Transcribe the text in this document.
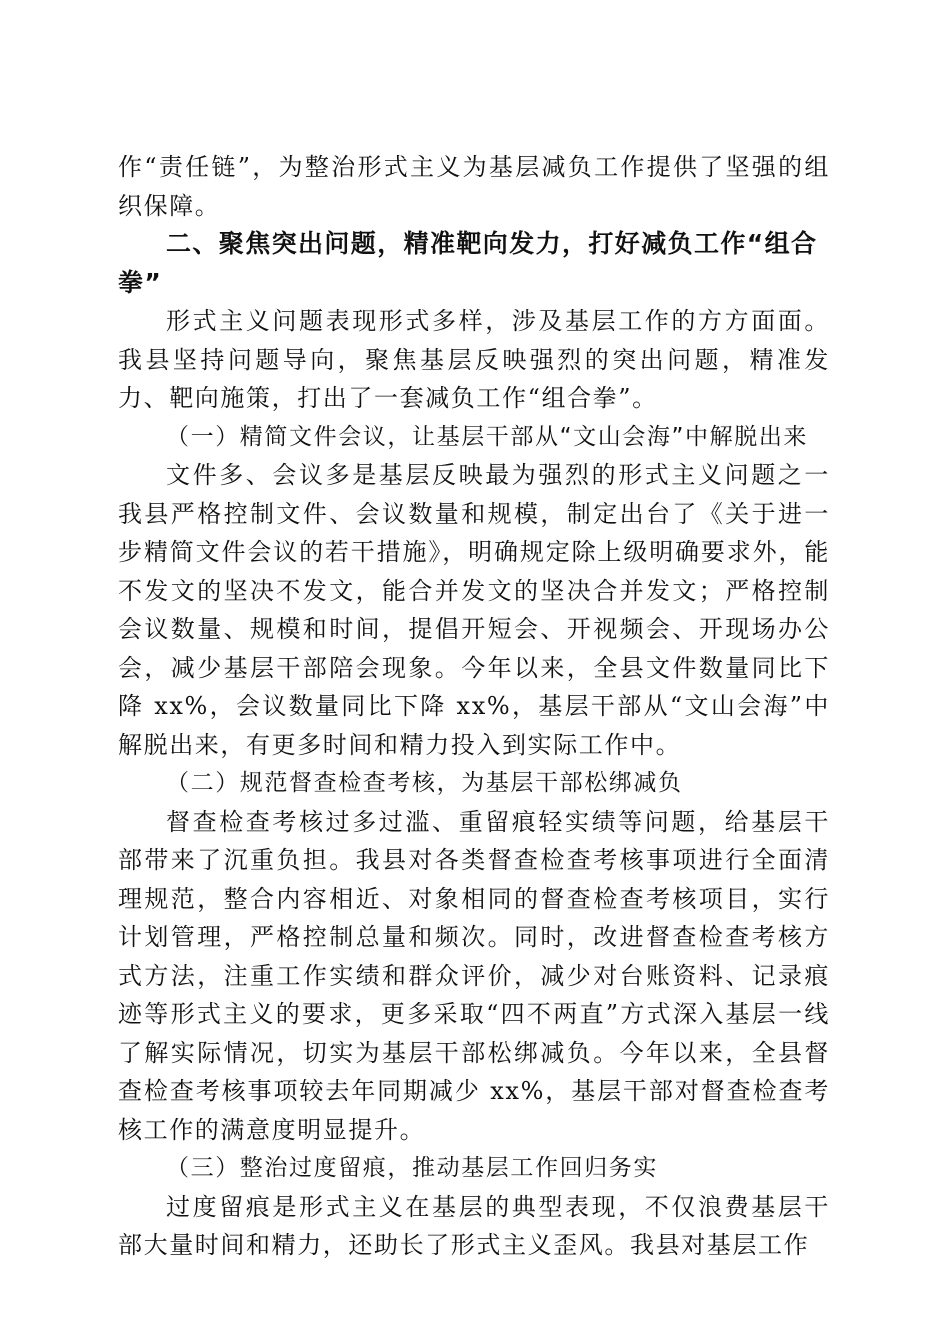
作“责任链”，为整治形式主义为基层减负工作提供了坚强的组织保障。

二、聚焦突出问题，精准靶向发力，打好减负工作“组合拳”

形式主义问题表现形式多样，涉及基层工作的方方面面。我县坚持问题导向，聚焦基层反映强烈的突出问题，精准发力、靶向施策，打出了一套减负工作“组合拳”。

（一）精简文件会议，让基层干部从“文山会海”中解脱出来

文件多、会议多是基层反映最为强烈的形式主义问题之一我县严格控制文件、会议数量和规模，制定出台了《关于进一步精简文件会议的若干措施》，明确规定除上级明确要求外，能不发文的坚决不发文，能合并发文的坚决合并发文；严格控制会议数量、规模和时间，提倡开短会、开视频会、开现场办公会，减少基层干部陪会现象。今年以来，全县文件数量同比下降 xx%，会议数量同比下降 xx%，基层干部从“文山会海”中解脱出来，有更多时间和精力投入到实际工作中。

（二）规范督查检查考核，为基层干部松绑减负

督查检查考核过多过滥、重留痕轻实绩等问题，给基层干部带来了沉重负担。我县对各类督查检查考核事项进行全面清理规范，整合内容相近、对象相同的督查检查考核项目，实行计划管理，严格控制总量和频次。同时，改进督查检查考核方式方法，注重工作实绩和群众评价，减少对台账资料、记录痕迹等形式主义的要求，更多采取“四不两直”方式深入基层一线了解实际情况，切实为基层干部松绑减负。今年以来，全县督查检查考核事项较去年同期减少 xx%，基层干部对督查检查考核工作的满意度明显提升。

（三）整治过度留痕，推动基层工作回归务实

过度留痕是形式主义在基层的典型表现，不仅浪费基层干部大量时间和精力，还助长了形式主义歪风。我县对基层工作
